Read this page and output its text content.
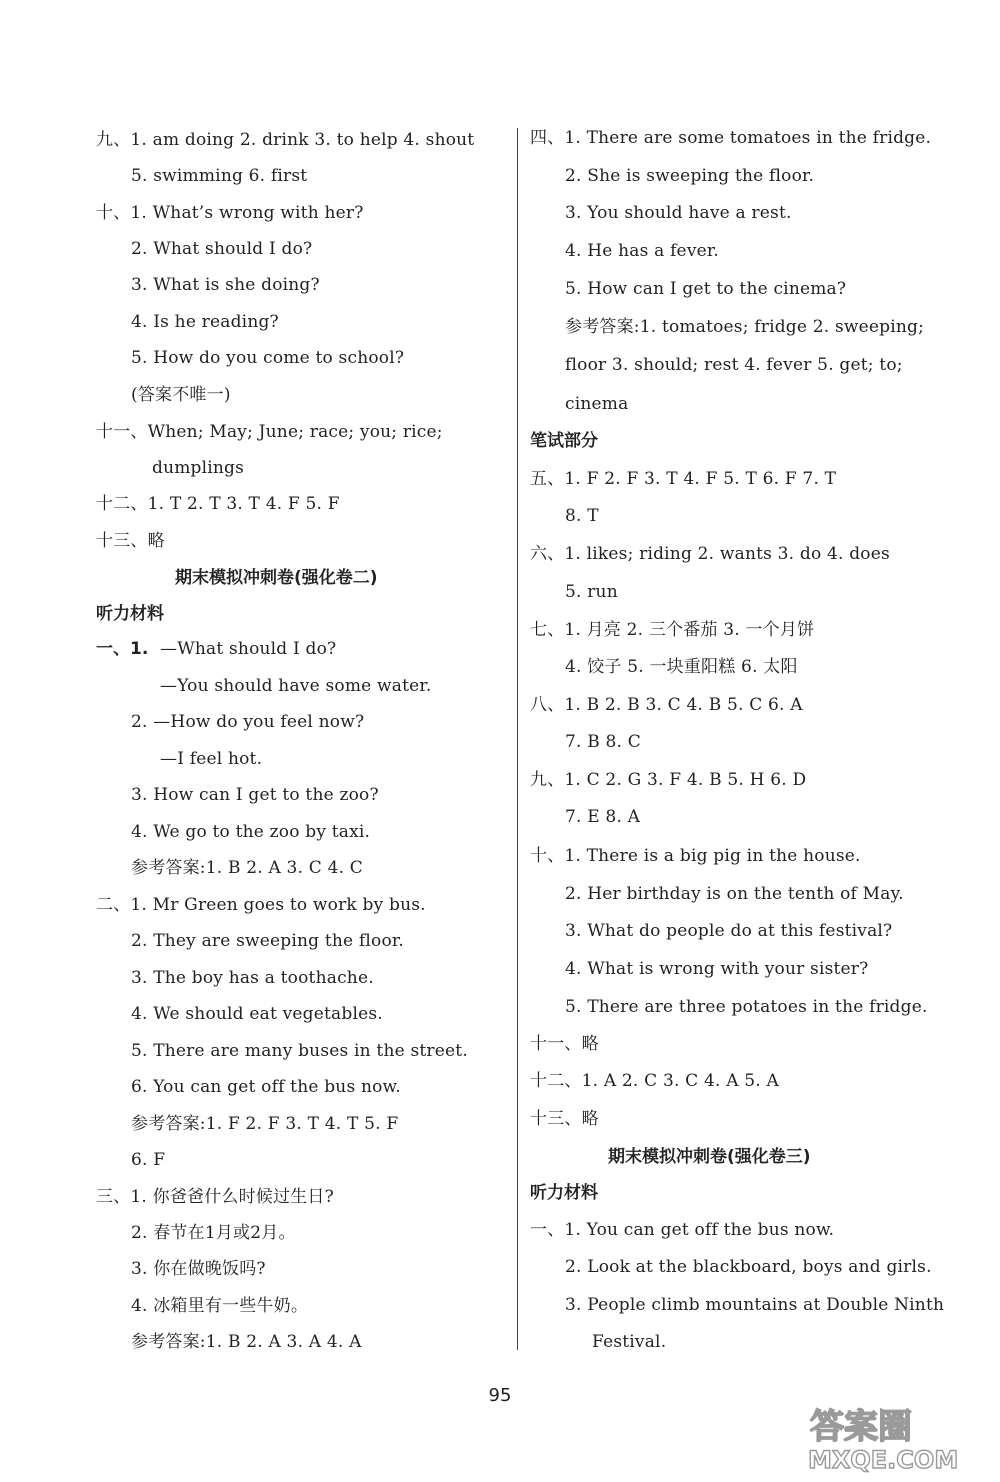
九、1. am doing 2. drink 3. to help 4. shout
5. swimming 6. first
十、1. What’s wrong with her?
2. What should I do?
3. What is she doing?
4. Is he reading?
5. How do you come to school?
(答案不唯一)
十一、When; May; June; race; you; rice;
dumplings
十二、1. T 2. T 3. T 4. F 5. F
十三、略
—What should I do?
—You should have some water.
2. —How do you feel now?
—I feel hot.
3. How can I get to the zoo?
4. We go to the zoo by taxi.
参考答案:1. B 2. A 3. C 4. C
二、1. Mr Green goes to work by bus.
2. They are sweeping the floor.
3. The boy has a toothache.
4. We should eat vegetables.
5. There are many buses in the street.
6. You can get off the bus now.
参考答案:1. F 2. F 3. T 4. T 5. F
6. F
三、1. 你爸爸什么时候过生日?
2. 春节在1月或2月。
3. 你在做晚饭吗?
4. 冰箱里有一些牛奶。
参考答案:1. B 2. A 3. A 4. A
期末模拟冲刺卷(强化卷二)
听力材料
一、1.
四、1. There are some tomatoes in the fridge.
2. She is sweeping the floor.
3. You should have a rest.
4. He has a fever.
5. How can I get to the cinema?
参考答案:1. tomatoes; fridge 2. sweeping;
floor 3. should; rest 4. fever 5. get; to;
cinema
五、1. F 2. F 3. T 4. F 5. T 6. F 7. T
8. T
六、1. likes; riding 2. wants 3. do 4. does
5. run
七、1. 月亮 2. 三个番茄 3. 一个月饼
4. 饺子 5. 一块重阳糕 6. 太阳
八、1. B 2. B 3. C 4. B 5. C 6. A
7. B 8. C
九、1. C 2. G 3. F 4. B 5. H 6. D
7. E 8. A
十、1. There is a big pig in the house.
2. Her birthday is on the tenth of May.
3. What do people do at this festival?
4. What is wrong with your sister?
5. There are three potatoes in the fridge.
十一、略
十二、1. A 2. C 3. C 4. A 5. A
十三、略
一、1. You can get off the bus now.
2. Look at the blackboard, boys and girls.
3. People climb mountains at Double Ninth
Festival.
笔试部分
期末模拟冲刺卷(强化卷三)
听力材料
95
答案圈
MXQE.COM
